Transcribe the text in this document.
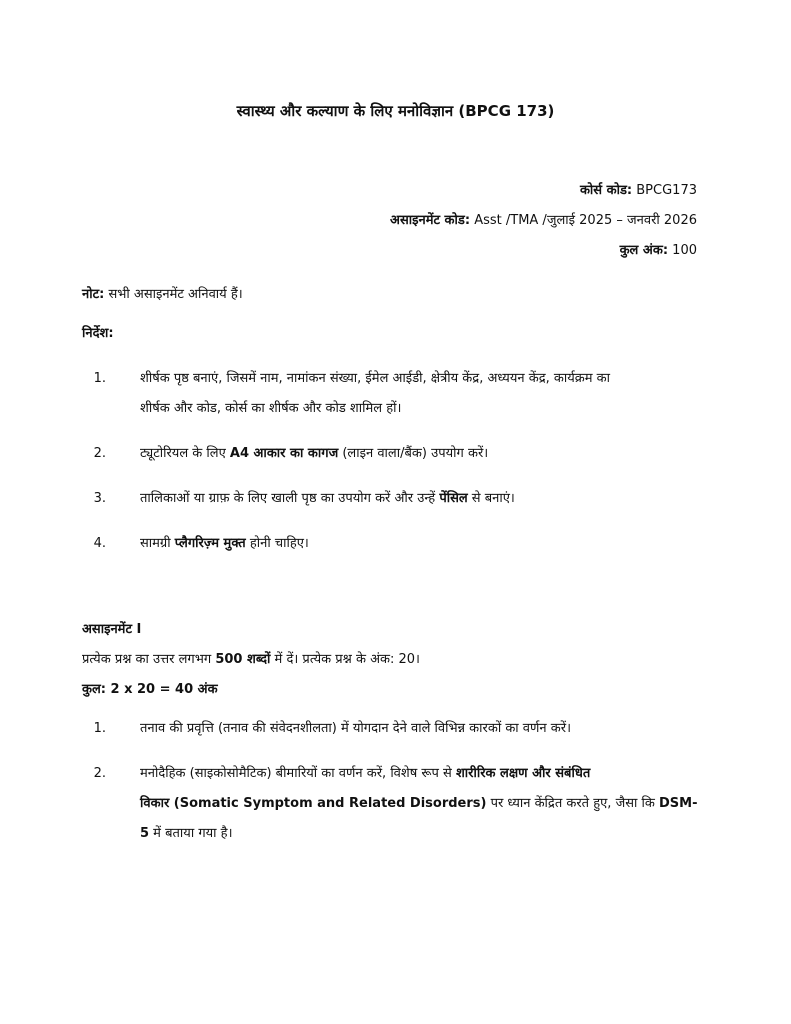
स्वास्थ्य और कल्याण के लिए मनोविज्ञान (BPCG 173)
कोर्स कोड: BPCG173
असाइनमेंट कोड: Asst /TMA /जुलाई 2025 – जनवरी 2026
कुल अंक: 100
नोट: सभी असाइनमेंट अनिवार्य हैं।
निर्देश:
1.	शीर्षक पृष्ठ बनाएं, जिसमें नाम, नामांकन संख्या, ईमेल आईडी, क्षेत्रीय केंद्र, अध्ययन केंद्र, कार्यक्रम का
शीर्षक और कोड, कोर्स का शीर्षक और कोड शामिल हों।
2.	ट्यूटोरियल के लिए A4 आकार का कागज (लाइन वाला/बैंक) उपयोग करें।
3.	तालिकाओं या ग्राफ़ के लिए खाली पृष्ठ का उपयोग करें और उन्हें पेंसिल से बनाएं।
4.	सामग्री प्लैगरिज़्म मुक्त होनी चाहिए।
असाइनमेंट I
प्रत्येक प्रश्न का उत्तर लगभग 500 शब्दों में दें। प्रत्येक प्रश्न के अंक: 20।
कुल: 2 x 20 = 40 अंक
1.	तनाव की प्रवृत्ति (तनाव की संवेदनशीलता) में योगदान देने वाले विभिन्न कारकों का वर्णन करें।
2.	मनोदैहिक (साइकोसोमैटिक) बीमारियों का वर्णन करें, विशेष रूप से शारीरिक लक्षण और संबंधित
विकार (Somatic Symptom and Related Disorders) पर ध्यान केंद्रित करते हुए, जैसा कि DSM-
5 में बताया गया है।
